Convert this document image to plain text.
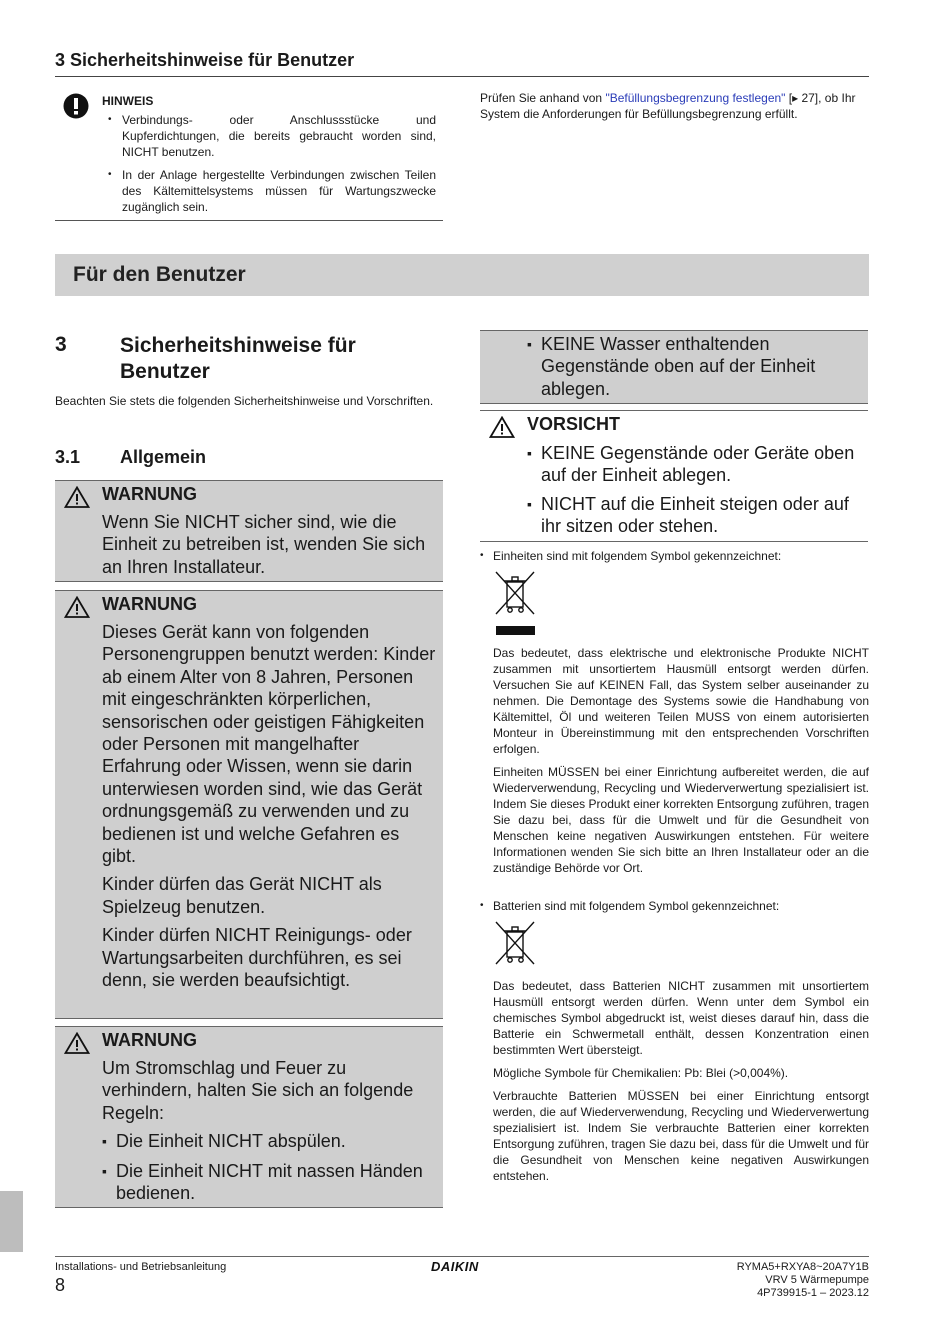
3 Sicherheitshinweise für Benutzer
HINWEIS
• Verbindungs- oder Anschlussstücke und Kupferdichtungen, die bereits gebraucht worden sind, NICHT benutzen.
• In der Anlage hergestellte Verbindungen zwischen Teilen des Kältemittelsystems müssen für Wartungszwecke zugänglich sein.
Prüfen Sie anhand von "Befüllungsbegrenzung festlegen" [▸ 27], ob Ihr System die Anforderungen für Befüllungsbegrenzung erfüllt.
Für den Benutzer
3	Sicherheitshinweise für Benutzer
Beachten Sie stets die folgenden Sicherheitshinweise und Vorschriften.
3.1 Allgemein
WARNUNG
Wenn Sie NICHT sicher sind, wie die Einheit zu betreiben ist, wenden Sie sich an Ihren Installateur.
WARNUNG

Dieses Gerät kann von folgenden Personengruppen benutzt werden: Kinder ab einem Alter von 8 Jahren, Personen mit eingeschränkten körperlichen, sensorischen oder geistigen Fähigkeiten oder Personen mit mangelhafter Erfahrung oder Wissen, wenn sie darin unterwiesen worden sind, wie das Gerät ordnungsgemäß zu verwenden und zu bedienen ist und welche Gefahren es gibt.

Kinder dürfen das Gerät NICHT als Spielzeug benutzen.

Kinder dürfen NICHT Reinigungs- oder Wartungsarbeiten durchführen, es sei denn, sie werden beaufsichtigt.

WARNUNG

Um Stromschlag und Feuer zu verhindern, halten Sie sich an folgende Regeln:

▪ Die Einheit NICHT abspülen.
▪ Die Einheit NICHT mit nassen Händen bedienen.
▪ KEINE Wasser enthaltenden Gegenstände oben auf der Einheit ablegen.
VORSICHT
▪ KEINE Gegenstände oder Geräte oben auf der Einheit ablegen.
▪ NICHT auf die Einheit steigen oder auf ihr sitzen oder stehen.
• Einheiten sind mit folgendem Symbol gekennzeichnet:

Das bedeutet, dass elektrische und elektronische Produkte NICHT zusammen mit unsortiertem Hausmüll entsorgt werden dürfen. Versuchen Sie auf KEINEN Fall, das System selber auseinander zu nehmen. Die Demontage des Systems sowie die Handhabung von Kältemittel, Öl und weiteren Teilen MUSS von einem autorisierten Monteur in Übereinstimmung mit den entsprechenden Vorschriften erfolgen.

Einheiten MÜSSEN bei einer Einrichtung aufbereitet werden, die auf Wiederverwendung, Recycling und Wiederverwertung spezialisiert ist. Indem Sie dieses Produkt einer korrekten Entsorgung zuführen, tragen Sie dazu bei, dass für die Umwelt und für die Gesundheit von Menschen keine negativen Auswirkungen entstehen. Für weitere Informationen wenden Sie sich bitte an Ihren Installateur oder an die zuständige Behörde vor Ort.

• Batterien sind mit folgendem Symbol gekennzeichnet:

Das bedeutet, dass Batterien NICHT zusammen mit unsortiertem Hausmüll entsorgt werden dürfen. Wenn unter dem Symbol ein chemisches Symbol abgedruckt ist, weist dieses darauf hin, dass die Batterie ein Schwermetall enthält, dessen Konzentration einen bestimmten Wert übersteigt.

Mögliche Symbole für Chemikalien: Pb: Blei (>0,004%).

Verbrauchte Batterien MÜSSEN bei einer Einrichtung entsorgt werden, die auf Wiederverwendung, Recycling und Wiederverwertung spezialisiert ist. Indem Sie verbrauchte Batterien einer korrekten Entsorgung zuführen, tragen Sie dazu bei, dass für die Umwelt und für die Gesundheit von Menschen keine negativen Auswirkungen entstehen.

Installations- und Betriebsanleitung
8
DAIKIN	RYMA5+RXYA8~20A7Y1B
VRV 5 Wärmepumpe
4P739915-1 – 2023.12
